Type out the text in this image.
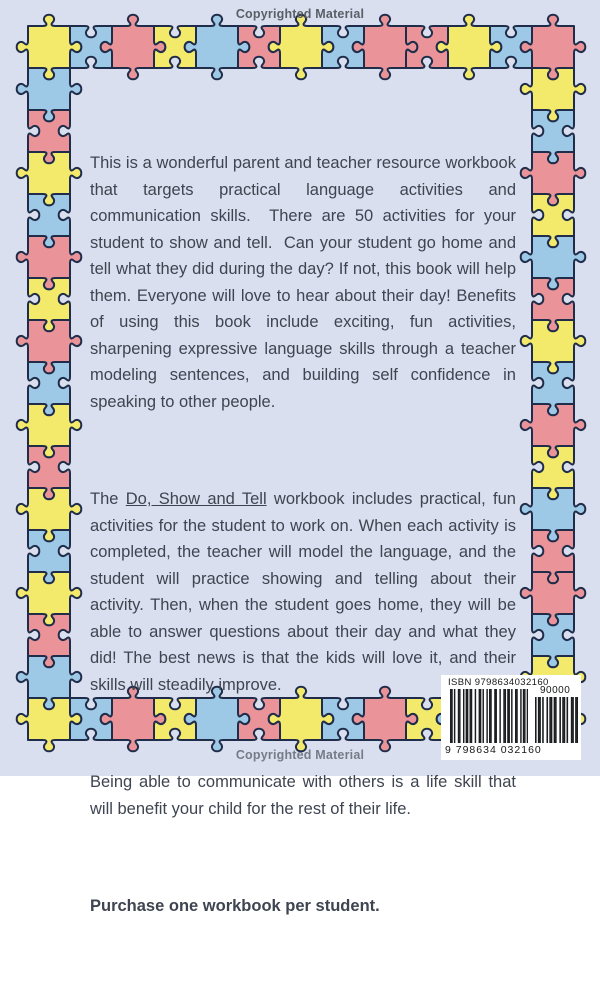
Copyrighted Material

This is a wonderful parent and teacher resource workbook that targets practical language activities and communication skills.  There are 50 activities for your student to show and tell.  Can your student go home and tell what they did during the day? If not, this book will help them. Everyone will love to hear about their day! Benefits of using this book include exciting, fun activities, sharpening expressive language skills through a teacher modeling sentences, and building self confidence in speaking to other people.

The Do, Show and Tell workbook includes practical, fun activities for the student to work on. When each activity is completed, the teacher will model the language, and the student will practice showing and telling about their activity. Then, when the student goes home, they will be able to answer questions about their day and what they did! The best news is that the kids will love it, and their skills will steadily improve.

Being able to communicate with others is a life skill that will benefit your child for the rest of their life.

Purchase one workbook per student.

ISBN 9798634032160
9 798634 032160
90000
Copyrighted Material
